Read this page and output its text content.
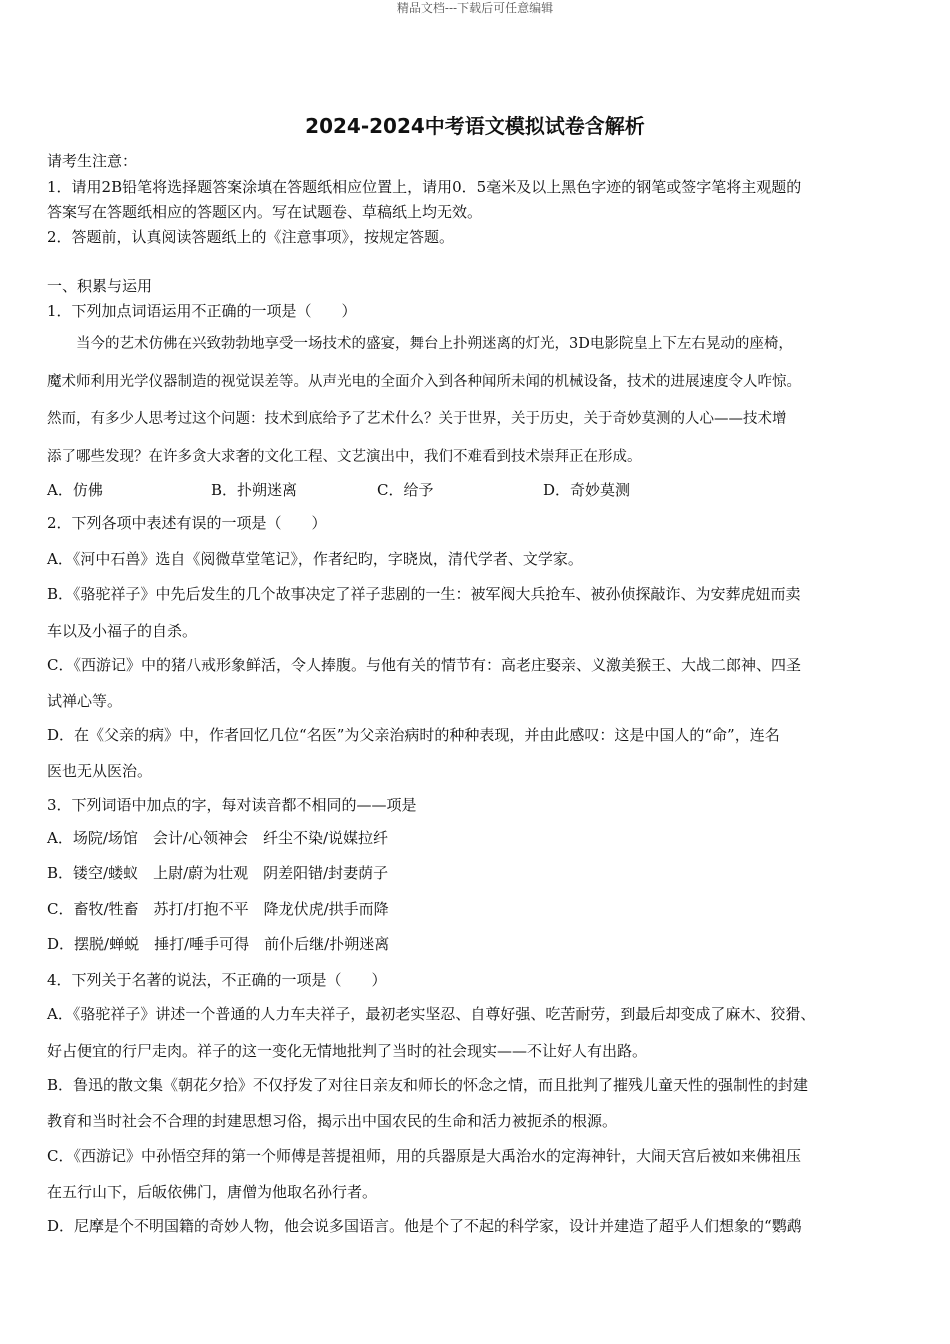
精品文档---下载后可任意编辑
2024-2024中考语文模拟试卷含解析
请考生注意：
1．请用2B铅笔将选择题答案涂填在答题纸相应位置上，请用0．5毫米及以上黑色字迹的钢笔或签字笔将主观题的
答案写在答题纸相应的答题区内。写在试题卷、草稿纸上均无效。
2．答题前，认真阅读答题纸上的《注意事项》，按规定答题。
一、积累与运用
1．下列加点词语运用不正确的一项是（　　）
　　当今的艺术仿佛在兴致勃勃地享受一场技术的盛宴，舞台上扑朔迷离的灯光，3D电影院皇上下左右晃动的座椅，
魔术师利用光学仪器制造的视觉误差等。从声光电的全面介入到各种闻所未闻的机械设备，技术的进展速度令人咋惊。
然而，有多少人思考过这个问题：技术到底给予了艺术什么？关于世界，关于历史，关于奇妙莫测的人心——技术增
添了哪些发现？在许多贪大求奢的文化工程、文艺演出中，我们不难看到技术崇拜正在形成。
A．仿佛	B．扑朔迷离	C．给予	D．奇妙莫测
2．下列各项中表述有误的一项是（　　）
A．《河中石兽》选自《阅微草堂笔记》，作者纪昀，字晓岚，清代学者、文学家。
B．《骆驼祥子》中先后发生的几个故事决定了祥子悲剧的一生：被军阀大兵抢车、被孙侦探敲诈、为安葬虎妞而卖
车以及小福子的自杀。
C．《西游记》中的猪八戒形象鲜活，令人捧腹。与他有关的情节有：高老庄娶亲、义激美猴王、大战二郎神、四圣
试禅心等。
D．在《父亲的病》中，作者回忆几位“名医”为父亲治病时的种种表现，并由此感叹：这是中国人的“命”，连名
医也无从医治。
3．下列词语中加点的字，每对读音都不相同的——项是
A．场院/场馆　会计/心领神会　纤尘不染/说媒拉纤
B．镂空/蝼蚁　上尉/蔚为壮观　阴差阳错/封妻荫子
C．畜牧/牲畜　苏打/打抱不平　降龙伏虎/拱手而降
D．摆脱/蝉蜕　捶打/唾手可得　前仆后继/扑朔迷离
4．下列关于名著的说法，不正确的一项是（　　）
A．《骆驼祥子》讲述一个普通的人力车夫祥子，最初老实坚忍、自尊好强、吃苦耐劳，到最后却变成了麻木、狡猾、
好占便宜的行尸走肉。祥子的这一变化无情地批判了当时的社会现实——不让好人有出路。
B．鲁迅的散文集《朝花夕拾》不仅抒发了对往日亲友和师长的怀念之情，而且批判了摧残儿童天性的强制性的封建
教育和当时社会不合理的封建思想习俗，揭示出中国农民的生命和活力被扼杀的根源。
C．《西游记》中孙悟空拜的第一个师傅是菩提祖师，用的兵器原是大禹治水的定海神针，大闹天宫后被如来佛祖压
在五行山下，后皈依佛门，唐僧为他取名孙行者。
D．尼摩是个不明国籍的奇妙人物，他会说多国语言。他是个了不起的科学家，设计并建造了超乎人们想象的“鹦鹉
